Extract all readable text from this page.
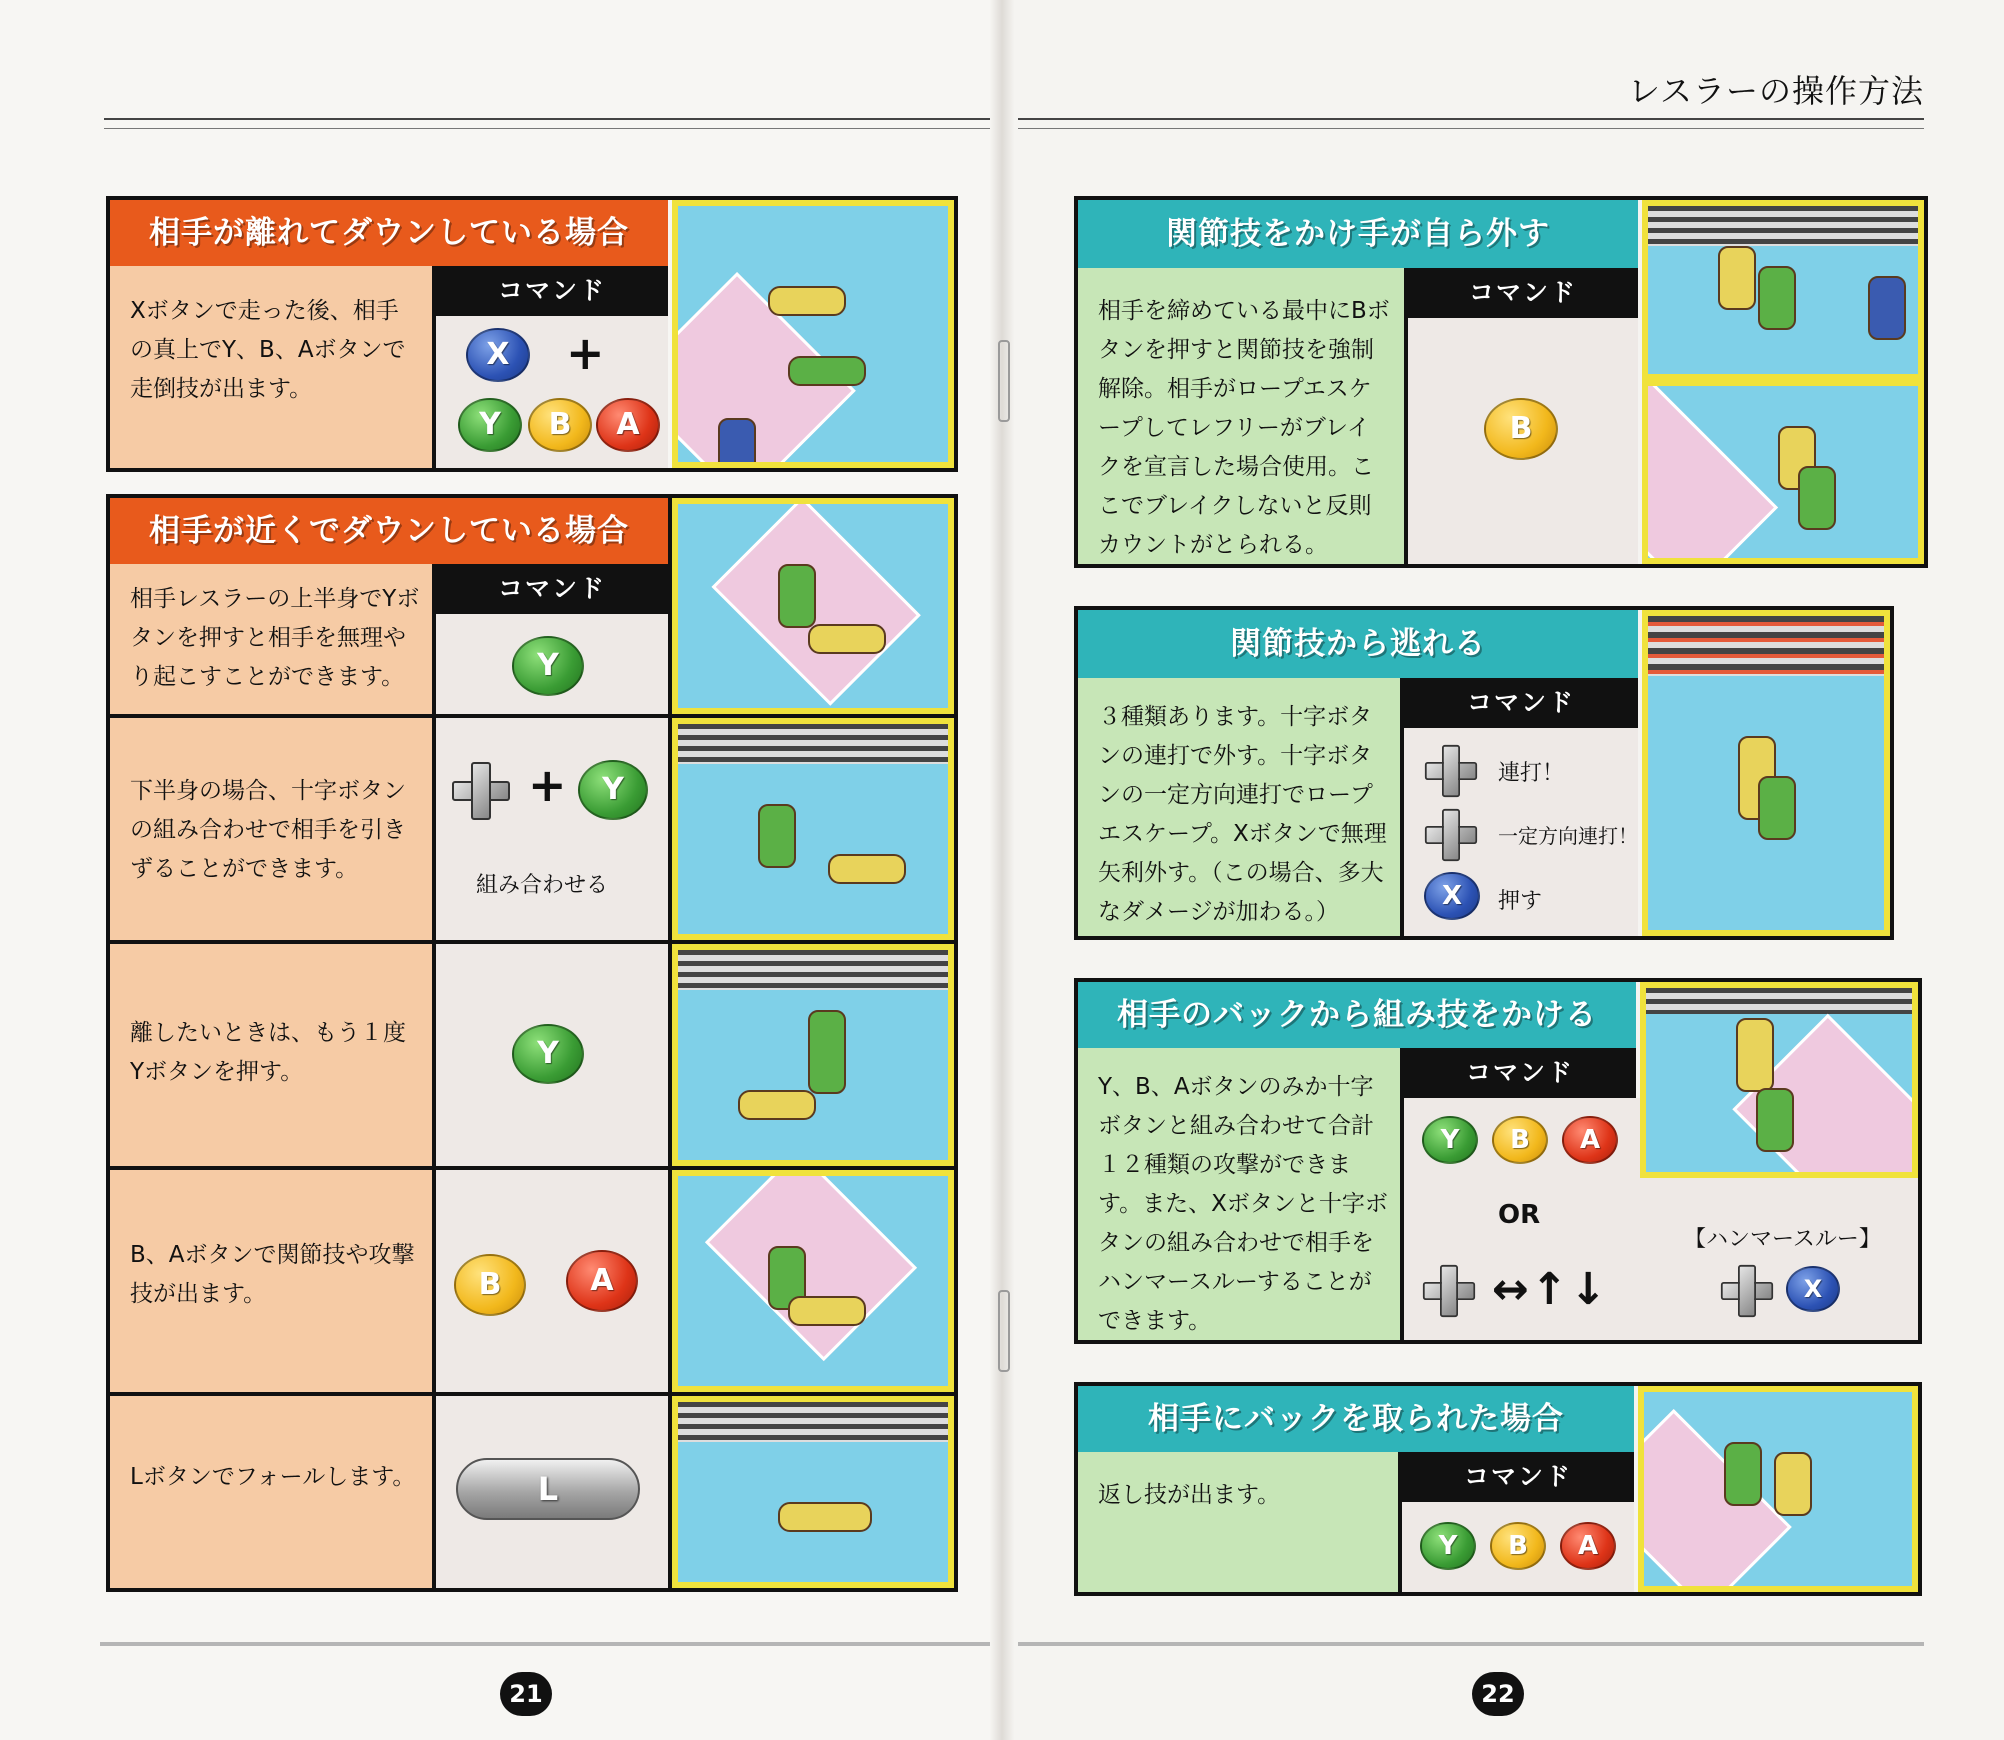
レスラーの操作方法
相手が離れてダウンしている場合
Xボタンで走った後、相手の真上でY、B、Aボタンで走倒技が出ます。
コマンド
X	+
Y	B	A
相手が近くでダウンしている場合
相手レスラーの上半身でYボタンを押すと相手を無理やり起こすことができます。
コマンド
Y
下半身の場合、十字ボタンの組み合わせで相手を引きずることができます。
+	Y
組み合わせる
離したいときは、もう１度Yボタンを押す。
Y
B、Aボタンで関節技や攻撃技が出ます。	B	A
Lボタンでフォールします。	L
関節技をかけ手が自ら外す
相手を締めている最中にBボタンを押すと関節技を強制解除。相手がロープエスケープしてレフリーがブレイクを宣言した場合使用。ここでブレイクしないと反則カウントがとられる。
コマンド
B
関節技から逃れる
３種類あります。十字ボタンの連打で外す。十字ボタンの一定方向連打でロープエスケープ。Xボタンで無理矢利外す。（この場合、多大なダメージが加わる。）
コマンド
連打！
一定方向連打！
X	押す
相手のバックから組み技をかける
Y、B、Aボタンのみか十字ボタンと組み合わせて合計１２種類の攻撃ができます。また、Xボタンと十字ボタンの組み合わせで相手をハンマースルーすることができます。
コマンド
Y	B	A
OR
↔↑↓
【ハンマースルー】
X
相手にバックを取られた場合
返し技が出ます。
コマンド
Y	B	A
21	22
